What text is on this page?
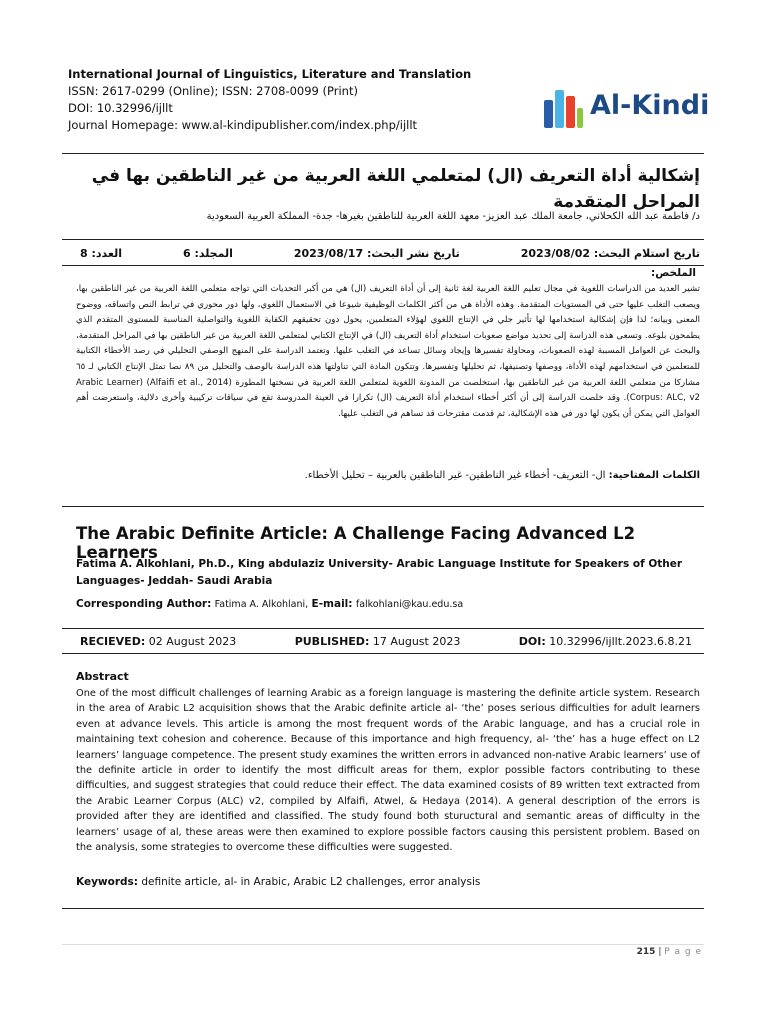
International Journal of Linguistics, Literature and Translation
ISSN: 2617-0299 (Online); ISSN: 2708-0099 (Print)
DOI: 10.32996/ijllt
Journal Homepage: www.al-kindipublisher.com/index.php/ijllt
Al-Kindi
إشكالية أداة التعريف (ال) لمتعلمي اللغة العربية من غير الناطقين بها في المراحل المتقدمة
د/ فاطمة عبد الله الكحلاني، جامعة الملك عبد العزيز- معهد اللغة العربية للناطقين بغيرها- جدة- المملكة العربية السعودية
تاريخ استلام البحث: 2023/08/02
تاريخ نشر البحث: 2023/08/17
المجلد: 6
العدد: 8
الملخص:
تشير العديد من الدراسات اللغوية في مجال تعليم اللغة العربية لغة ثانية إلى أن أداة التعريف (ال) هي من أكبر التحديات التي تواجه متعلمي اللغة العربية من غير الناطقين بها، ويصعب التغلب عليها حتى في المستويات المتقدمة. وهذه الأداة هي من أكثر الكلمات الوظيفية شيوعا في الاستعمال اللغوي، ولها دور محوري في ترابط النص واتساقه، ووضوح المعنى وبيانه؛ لذا فإن إشكالية استخدامها لها تأثير جلي في الإنتاج اللغوي لهؤلاء المتعلمين، يحول دون تحقيقهم الكفاية اللغوية والتواصلية المناسبة للمستوى المتقدم الذي يطمحون بلوغه. وتسعى هذه الدراسة إلى تحديد مواضع صعوبات استخدام أداة التعريف (ال) في الإنتاج الكتابي لمتعلمي اللغة العربية من غير الناطقين بها في المراحل المتقدمة، والبحث عن العوامل المسببة لهذه الصعوبات، ومحاولة تفسيرها وإيجاد وسائل تساعد في التغلب عليها. وتعتمد الدراسة على المنهج الوصفي التحليلي في رصد الأخطاء الكتابية للمتعلمين في استخدامهم لهذه الأداة، ووصفها وتصنيفها، ثم تحليلها وتفسيرها. وتتكون المادة التي تناولتها هذه الدراسة بالوصف والتحليل من ٨٩ نصا تمثل الإنتاج الكتابي لـ ٦٥ مشاركا من متعلمي اللغة العربية من غير الناطقين بها، استخلصت من المدونة اللغوية لمتعلمي اللغة العربية في نسختها المطورة (Alfaifi et al., 2014) (Arabic Learner Corpus: ALC, v2). وقد خلصت الدراسة إلى أن أكثر أخطاء استخدام أداة التعريف (ال) تكرارا في العينة المدروسة تقع في سياقات تركيبية وأخرى دلالية، واستعرضت أهم العوامل التي يمكن أن يكون لها دور في هذه الإشكالية، ثم قدمت مقترحات قد تساهم في التغلب عليها.
الكلمات المفتاحية: ال- التعريف- أخطاء غير الناطقين- غير الناطقين بالعربية – تحليل الأخطاء.
The Arabic Definite Article: A Challenge Facing Advanced L2 Learners
Fatima A. Alkohlani, Ph.D., King abdulaziz University- Arabic Language Institute for Speakers of Other Languages- Jeddah- Saudi Arabia
Corresponding Author: Fatima A. Alkohlani, E-mail: falkohlani@kau.edu.sa
RECIEVED: 02 August 2023	PUBLISHED: 17 August 2023	DOI: 10.32996/ijllt.2023.6.8.21
Abstract
One of the most difficult challenges of learning Arabic as a foreign language is mastering the definite article system. Research in the area of Arabic L2 acquisition shows that the Arabic definite article al- ‘the’ poses serious difficulties for adult learners even at advance levels. This article is among the most frequent words of the Arabic language, and has a crucial role in maintaining text cohesion and coherence. Because of this importance and high frequency, al- ‘the’ has a huge effect on L2 learners’ language competence. The present study examines the written errors in advanced non-native Arabic learners’ use of the definite article in order to identify the most difficult areas for them, explor possible factors contributing to these difficulties, and suggest strategies that could reduce their effect. The data examined cosists of 89 written text extracted from the Arabic Learner Corpus (ALC) v2, compiled by Alfaifi, Atwel, & Hedaya (2014). A general description of the errors is provided after they are identified and classified. The study found both stuructural and semantic areas of difficulty in the learners’ usage of al, these areas were then examined to explore possible factors causing this persistent problem. Based on the analysis, some strategies to overcome these difficulties were suggested.
Keywords: definite article, al- in Arabic, Arabic L2 challenges, error analysis
215 | P a g e
